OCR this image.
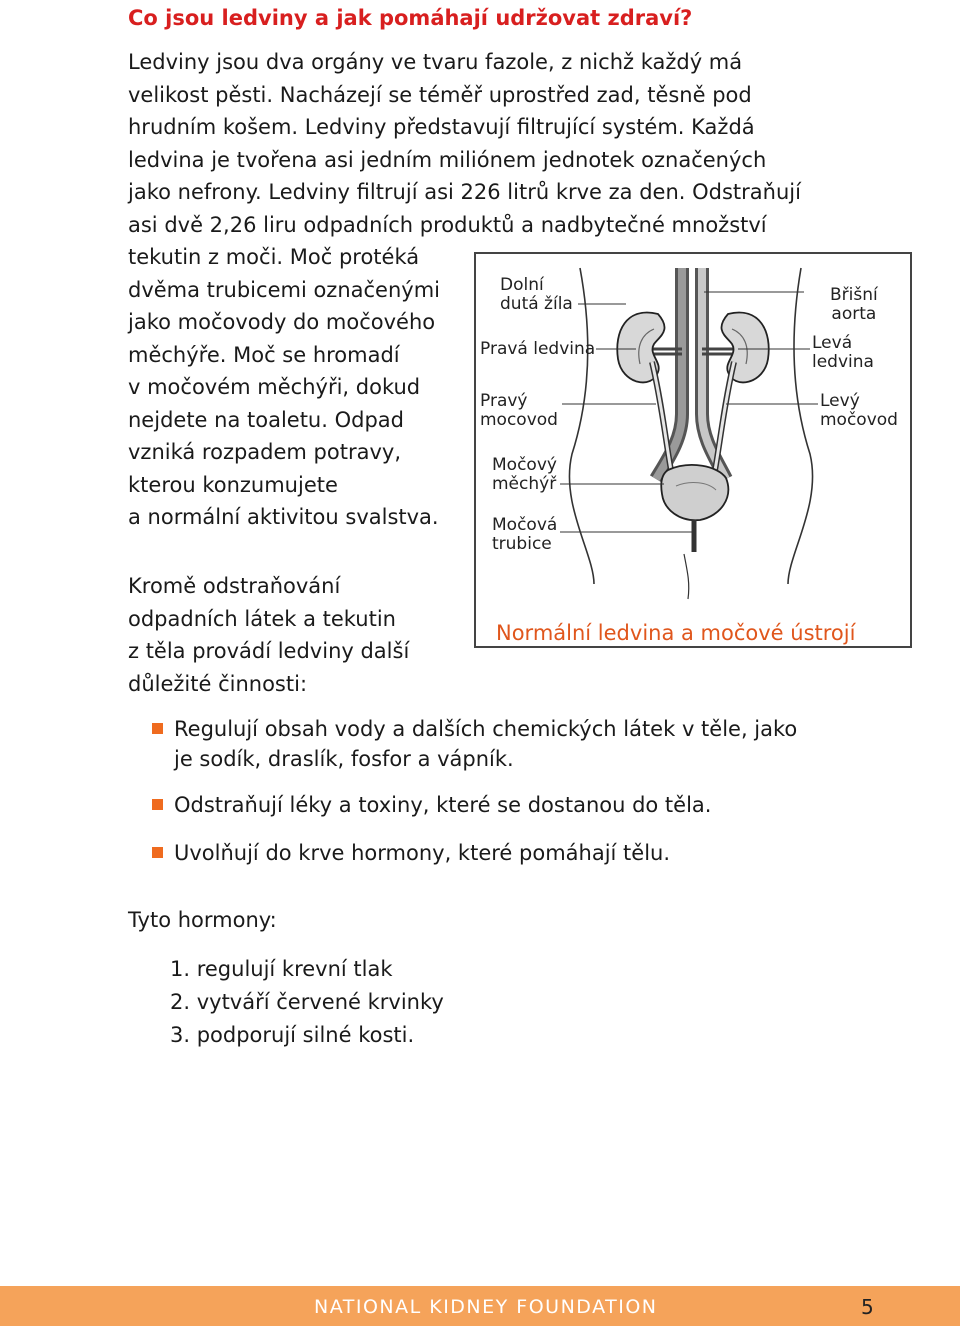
Co jsou ledviny a jak pomáhají udržovat zdraví?

Ledviny jsou dva orgány ve tvaru fazole, z nichž každý má

velikost pěsti. Nacházejí se téměř uprostřed zad, těsně pod

hrudním košem. Ledviny představují filtrující systém. Každá

ledvina je tvořena asi jedním miliónem jednotek označených

jako nefrony. Ledviny filtrují asi 226 litrů krve za den. Odstraňují

asi dvě 2,26 liru odpadních produktů a nadbytečné množství

tekutin z moči. Moč protéká

dvěma trubicemi označenými

jako močovody do močového

měchýře. Moč se hromadí

v močovém měchýři, dokud

nejdete na toaletu. Odpad

vzniká rozpadem potravy,

kterou konzumujete

a normální aktivitou svalstva.

Kromě odstraňování

odpadních látek a tekutin

z těla provádí ledviny další

důležité činnosti:

Dolní
dutá žíla
Pravá ledvina
Pravý
mocovod
Močový
měchýř
Močová
trubice
Břišní
aorta
Levá
ledvina
Levý
močovod
Normální ledvina a močové ústrojí
Regulují obsah vody a dalších chemických látek v těle, jako
je sodík, draslík, fosfor a vápník.
Odstraňují léky a toxiny, které se dostanou do těla.
Uvolňují do krve hormony, které pomáhají tělu.
Tyto hormony:
1. regulují krevní tlak
2. vytváří červené krvinky
3. podporují silné kosti.
NATIONAL KIDNEY FOUNDATION	5
